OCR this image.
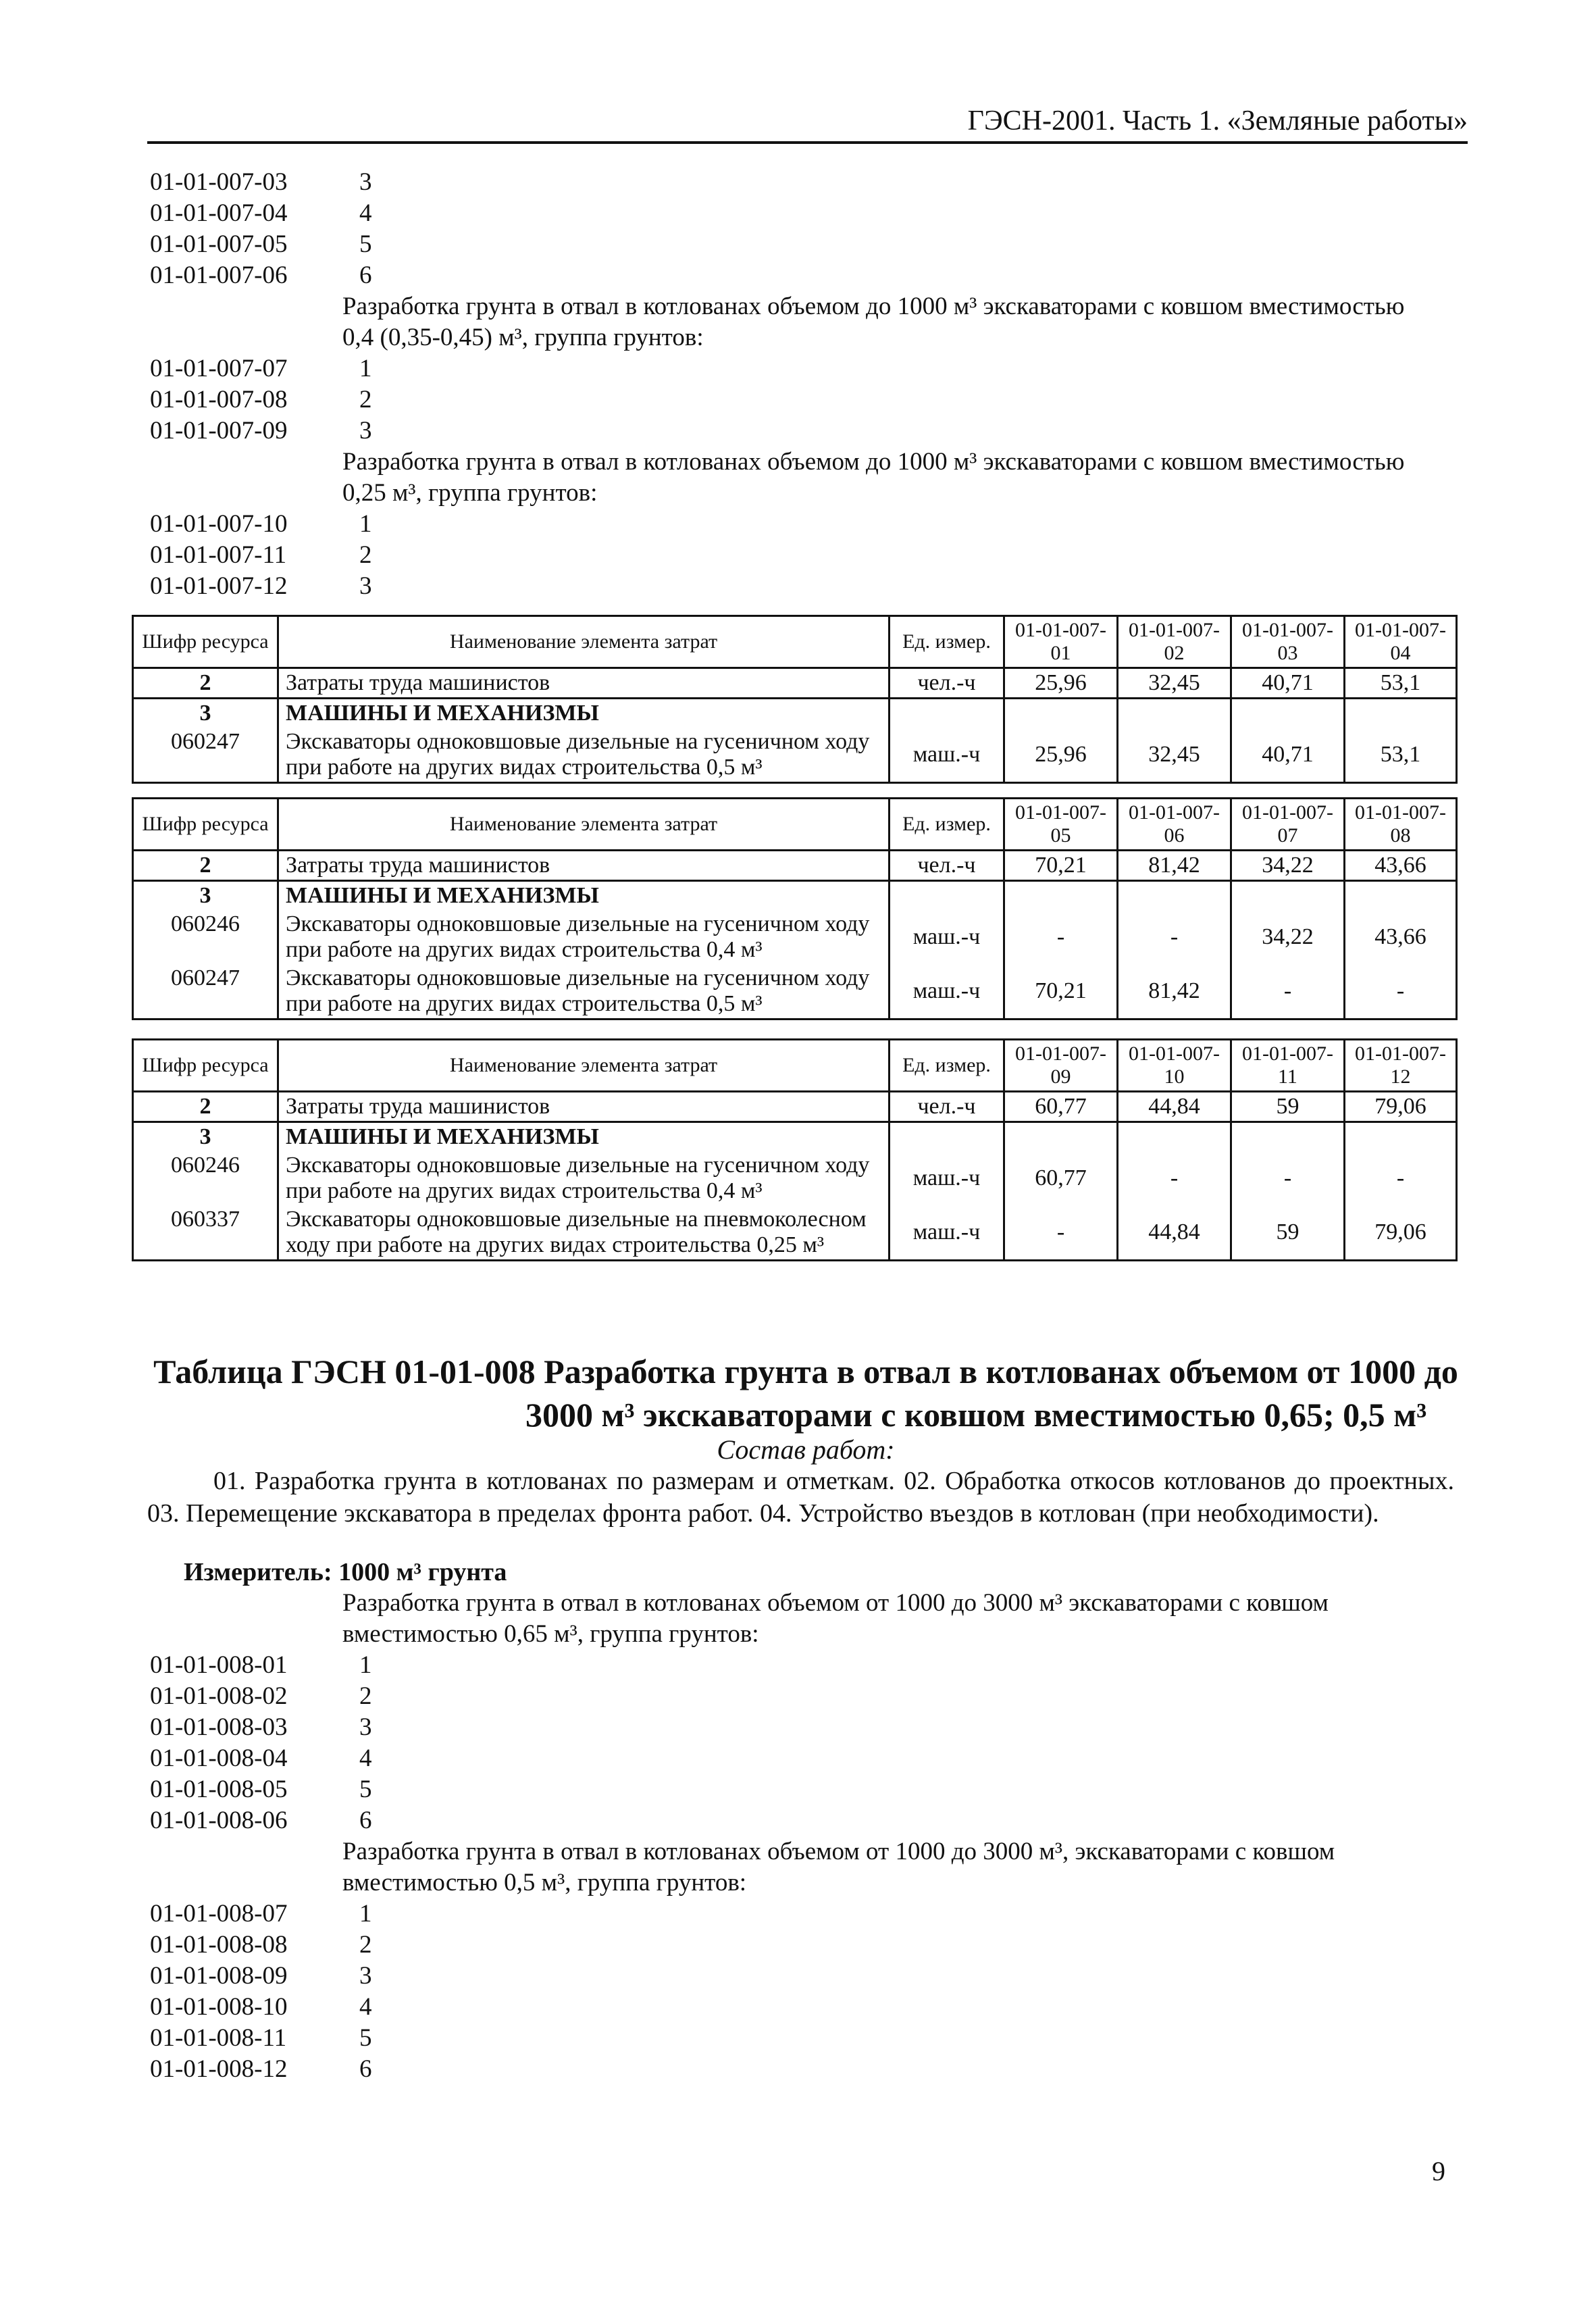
ГЭСН-2001. Часть 1. «Земляные работы»
01-01-007-03	3
01-01-007-04	4
01-01-007-05	5
01-01-007-06	6
Разработка грунта в отвал в котлованах объемом до 1000 м³ экскаваторами с ковшом вместимостью 0,4 (0,35-0,45) м³, группа грунтов:
01-01-007-07	1
01-01-007-08	2
01-01-007-09	3
Разработка грунта в отвал в котлованах объемом до 1000 м³ экскаваторами с ковшом вместимостью 0,25 м³, группа грунтов:
01-01-007-10	1
01-01-007-11	2
01-01-007-12	3
Шифр ресурса	Наименование элемента затрат	Ед. измер.	01-01-007-01	01-01-007-02	01-01-007-03	01-01-007-04
2	Затраты труда машинистов	чел.-ч	25,96	32,45	40,71	53,1
3	МАШИНЫ И МЕХАНИЗМЫ					
060247	Экскаваторы одноковшовые дизельные на гусеничном ходу при работе на других видах строительства 0,5 м³	маш.-ч	25,96	32,45	40,71	53,1
Шифр ресурса	Наименование элемента затрат	Ед. измер.	01-01-007-05	01-01-007-06	01-01-007-07	01-01-007-08
2	Затраты труда машинистов	чел.-ч	70,21	81,42	34,22	43,66
3	МАШИНЫ И МЕХАНИЗМЫ					
060246	Экскаваторы одноковшовые дизельные на гусеничном ходу при работе на других видах строительства 0,4 м³	маш.-ч	-	-	34,22	43,66
060247	Экскаваторы одноковшовые дизельные на гусеничном ходу при работе на других видах строительства 0,5 м³	маш.-ч	70,21	81,42	-	-
Шифр ресурса	Наименование элемента затрат	Ед. измер.	01-01-007-09	01-01-007-10	01-01-007-11	01-01-007-12
2	Затраты труда машинистов	чел.-ч	60,77	44,84	59	79,06
3	МАШИНЫ И МЕХАНИЗМЫ					
060246	Экскаваторы одноковшовые дизельные на гусеничном ходу при работе на других видах строительства 0,4 м³	маш.-ч	60,77	-	-	-
060337	Экскаваторы одноковшовые дизельные на пневмоколесном ходу при работе на других видах строительства 0,25 м³	маш.-ч	-	44,84	59	79,06
Таблица ГЭСН 01-01-008 Разработка грунта в отвал в котлованах объемом от 1000 до
3000 м³ экскаваторами с ковшом вместимостью 0,65; 0,5 м³
Состав работ:
01. Разработка грунта в котлованах по размерам и отметкам. 02. Обработка откосов котлованов до проектных. 03. Перемещение экскаватора в пределах фронта работ. 04. Устройство въездов в котлован (при необходимости).
Измеритель: 1000 м³ грунта
Разработка грунта в отвал в котлованах объемом от 1000 до 3000 м³ экскаваторами с ковшом вместимостью 0,65 м³, группа грунтов:
01-01-008-01	1
01-01-008-02	2
01-01-008-03	3
01-01-008-04	4
01-01-008-05	5
01-01-008-06	6
Разработка грунта в отвал в котлованах объемом от 1000 до 3000 м³, экскаваторами с ковшом вместимостью 0,5 м³, группа грунтов:
01-01-008-07	1
01-01-008-08	2
01-01-008-09	3
01-01-008-10	4
01-01-008-11	5
01-01-008-12	6
9
